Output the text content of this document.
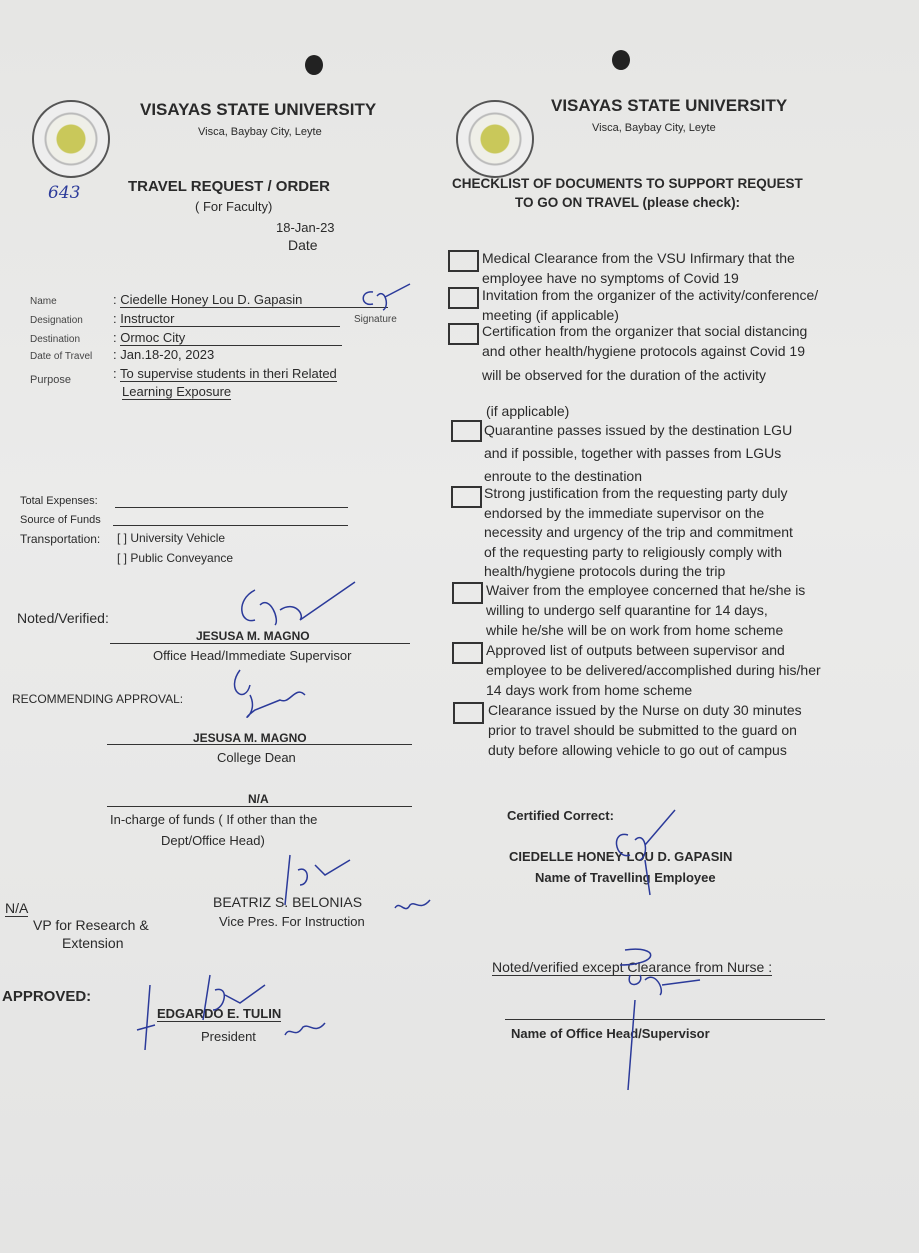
VISAYAS STATE UNIVERSITY
Visca, Baybay City, Leyte
643	TRAVEL REQUEST / ORDER
( For Faculty)
18-Jan-23
Date
Name	: Ciedelle Honey Lou D. Gapasin
Designation : Instructor	Signature
Destination	: Ormoc City
Date of Travel : Jan.18-20, 2023
Purpose	: To supervise students in theri Related
Learning Exposure
Total Expenses:
Source of Funds
Transportation: [ ] University Vehicle
[ ] Public Conveyance
Noted/Verified:
JESUSA M. MAGNO
Office Head/Immediate Supervisor
RECOMMENDING APPROVAL:
JESUSA M. MAGNO
College Dean
N/A
In-charge of funds ( If other than the
Dept/Office Head)
N/A
VP for Research &
Extension
BEATRIZ S. BELONIAS
Vice Pres. For Instruction
APPROVED:
EDGARDO E. TULIN
President
VISAYAS STATE UNIVERSITY
Visca, Baybay City, Leyte
CHECKLIST OF DOCUMENTS TO SUPPORT REQUEST
TO GO ON TRAVEL (please check):
Medical Clearance from the VSU Infirmary that the
employee have no symptoms of Covid 19
Invitation from the organizer of the activity/conference/
meeting (if applicable)
Certification from the organizer that social distancing
and other health/hygiene protocols against Covid 19
will be observed for the duration of the activity
(if applicable)
Quarantine passes issued by the destination LGU
and if possible, together with passes from LGUs
enroute to the destination
Strong justification from the requesting party duly
endorsed by the immediate supervisor on the
necessity and urgency of the trip and commitment
of the requesting party to religiously comply with
health/hygiene protocols during the trip
Waiver from the employee concerned that he/she is
willing to undergo self quarantine for 14 days,
while he/she will be on work from home scheme
Approved list of outputs between supervisor and
employee to be delivered/accomplished during his/her
14 days work from home scheme
Clearance issued by the Nurse on duty 30 minutes
prior to travel should be submitted to the guard on
duty before allowing vehicle to go out of campus
Certified Correct:
CIEDELLE HONEY LOU D. GAPASIN
Name of Travelling Employee
Noted/verified except Clearance from Nurse :
Name of Office Head/Supervisor
